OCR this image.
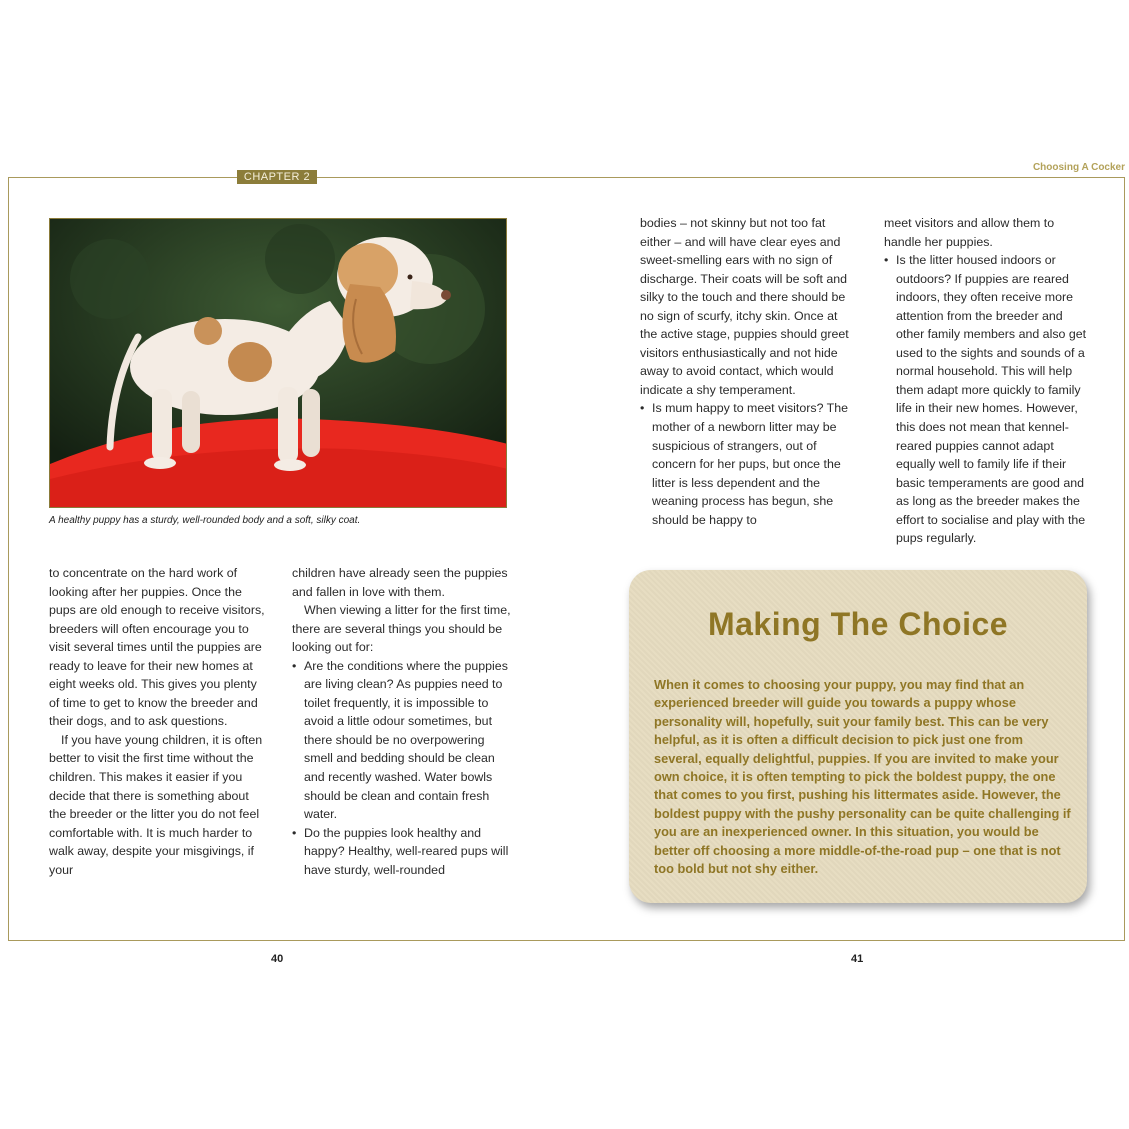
CHAPTER 2
Choosing A Cocker
A healthy puppy has a sturdy, well-rounded body and a soft, silky coat.

to concentrate on the hard work of looking after her puppies. Once the pups are old enough to receive visitors, breeders will often encourage you to visit several times until the puppies are ready to leave for their new homes at eight weeks old. This gives you plenty of time to get to know the breeder and their dogs, and to ask questions.

If you have young children, it is often better to visit the first time without the children. This makes it easier if you decide that there is something about the breeder or the litter you do not feel comfortable with. It is much harder to walk away, despite your misgivings, if your

children have already seen the puppies and fallen in love with them.

When viewing a litter for the first time, there are several things you should be looking out for:

• Are the conditions where the puppies are living clean? As puppies need to toilet frequently, it is impossible to avoid a little odour sometimes, but there should be no overpowering smell and bedding should be clean and recently washed. Water bowls should be clean and contain fresh water.

• Do the puppies look healthy and happy? Healthy, well-reared pups will have sturdy, well-rounded

bodies – not skinny but not too fat either – and will have clear eyes and sweet-smelling ears with no sign of discharge. Their coats will be soft and silky to the touch and there should be no sign of scurfy, itchy skin. Once at the active stage, puppies should greet visitors enthusiastically and not hide away to avoid contact, which would indicate a shy temperament.

• Is mum happy to meet visitors? The mother of a newborn litter may be suspicious of strangers, out of concern for her pups, but once the litter is less dependent and the weaning process has begun, she should be happy to

meet visitors and allow them to handle her puppies.

• Is the litter housed indoors or outdoors? If puppies are reared indoors, they often receive more attention from the breeder and other family members and also get used to the sights and sounds of a normal household. This will help them adapt more quickly to family life in their new homes. However, this does not mean that kennel-reared puppies cannot adapt equally well to family life if their basic temperaments are good and as long as the breeder makes the effort to socialise and play with the pups regularly.

Making The Choice
When it comes to choosing your puppy, you may find that an experienced breeder will guide you towards a puppy whose personality will, hopefully, suit your family best. This can be very helpful, as it is often a difficult decision to pick just one from several, equally delightful, puppies. If you are invited to make your own choice, it is often tempting to pick the boldest puppy, the one that comes to you first, pushing his littermates aside. However, the boldest puppy with the pushy personality can be quite challenging if you are an inexperienced owner. In this situation, you would be better off choosing a more middle-of-the-road pup – one that is not too bold but not shy either.
40	41
